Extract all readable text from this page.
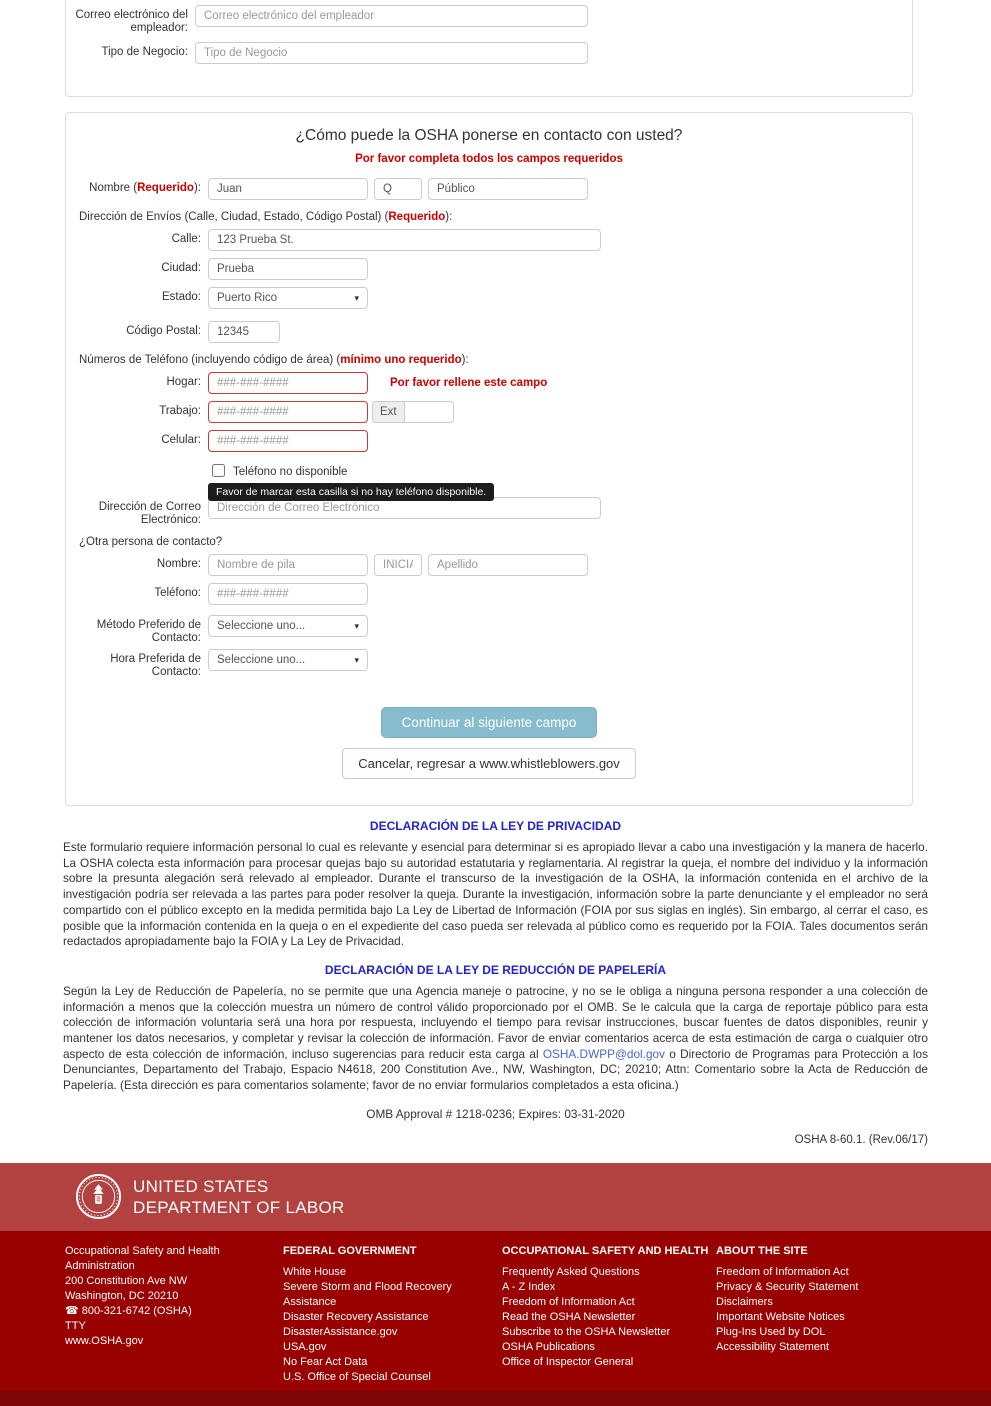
Correo electrónico del empleador:
Correo electrónico del empleador
Tipo de Negocio:
Tipo de Negocio
¿Cómo puede la OSHA ponerse en contacto con usted?
Por favor completa todos los campos requeridos
Nombre (Requerido):
Juan
Q
Público
Dirección de Envíos (Calle, Ciudad, Estado, Código Postal) (Requerido):
Calle:
123 Prueba St.
Ciudad:
Prueba
Estado:	Puerto Rico	▾
Código Postal:
12345
Números de Teléfono (incluyendo código de área) (mínimo uno requerido):
Hogar:
###-###-####	Por favor rellene este campo
Trabajo:
###-###-####	Ext
Celular:
###-###-####
Teléfono no disponible
Favor de marcar esta casilla si no hay teléfono disponible.
Dirección de Correo Electrónico:
Dirección de Correo Electrónico
¿Otra persona de contacto?
Nombre:
Nombre de pila
INICIAL
Apellido
Teléfono:
###-###-####
Método Preferido de Contacto:
Seleccione uno...	▾
Hora Preferida de Contacto:
Seleccione uno...	▾
Continuar al siguiente campo
Cancelar, regresar a www.whistleblowers.gov
DECLARACIÓN DE LA LEY DE PRIVACIDAD
Este formulario requiere información personal lo cual es relevante y esencial para determinar si es apropiado llevar a cabo una investigación y la manera de hacerlo. La OSHA colecta esta información para procesar quejas bajo su autoridad estatutaria y reglamentaria. Al registrar la queja, el nombre del individuo y la información sobre la presunta alegación será relevado al empleador. Durante el transcurso de la investigación de la OSHA, la información contenida en el archivo de la investigación podría ser relevada a las partes para poder resolver la queja. Durante la investigación, información sobre la parte denunciante y el empleador no será compartido con el público excepto en la medida permitida bajo La Ley de Libertad de Información (FOIA por sus siglas en inglés). Sin embargo, al cerrar el caso, es posible que la información contenida en la queja o en el expediente del caso pueda ser relevada al público como es requerido por la FOIA. Tales documentos serán redactados apropiadamente bajo la FOIA y La Ley de Privacidad.
DECLARACIÓN DE LA LEY DE REDUCCIÓN DE PAPELERÍA
Según la Ley de Reducción de Papelería, no se permite que una Agencia maneje o patrocine, y no se le obliga a ninguna persona responder a una colección de información a menos que la colección muestra un número de control válido proporcionado por el OMB. Se le calcula que la carga de reportaje público para esta colección de información voluntaria será una hora por respuesta, incluyendo el tiempo para revisar instrucciones, buscar fuentes de datos disponibles, reunir y mantener los datos necesarios, y completar y revisar la colección de información. Favor de enviar comentarios acerca de esta estimación de carga o cualquier otro aspecto de esta colección de información, incluso sugerencias para reducir esta carga al OSHA.DWPP@dol.gov o Directorio de Programas para Protección a los Denunciantes, Departamento del Trabajo, Espacio N4618, 200 Constitution Ave., NW, Washington, DC; 20210; Attn: Comentario sobre la Acta de Reducción de Papelería. (Esta dirección es para comentarios solamente; favor de no enviar formularios completados a esta oficina.)
OMB Approval # 1218-0236; Expires: 03-31-2020
OSHA 8-60.1. (Rev.06/17)
UNITED STATES
DEPARTMENT OF LABOR
Occupational Safety and Health Administration
200 Constitution Ave NW
Washington, DC 20210
☎ 800-321-6742 (OSHA)
TTY
www.OSHA.gov
FEDERAL GOVERNMENT
White House
Severe Storm and Flood Recovery Assistance
Disaster Recovery Assistance
DisasterAssistance.gov
USA.gov
No Fear Act Data
U.S. Office of Special Counsel
OCCUPATIONAL SAFETY AND HEALTH
Frequently Asked Questions
A - Z Index
Freedom of Information Act
Read the OSHA Newsletter
Subscribe to the OSHA Newsletter
OSHA Publications
Office of Inspector General
ABOUT THE SITE
Freedom of Information Act
Privacy & Security Statement
Disclaimers
Important Website Notices
Plug-Ins Used by DOL
Accessibility Statement
